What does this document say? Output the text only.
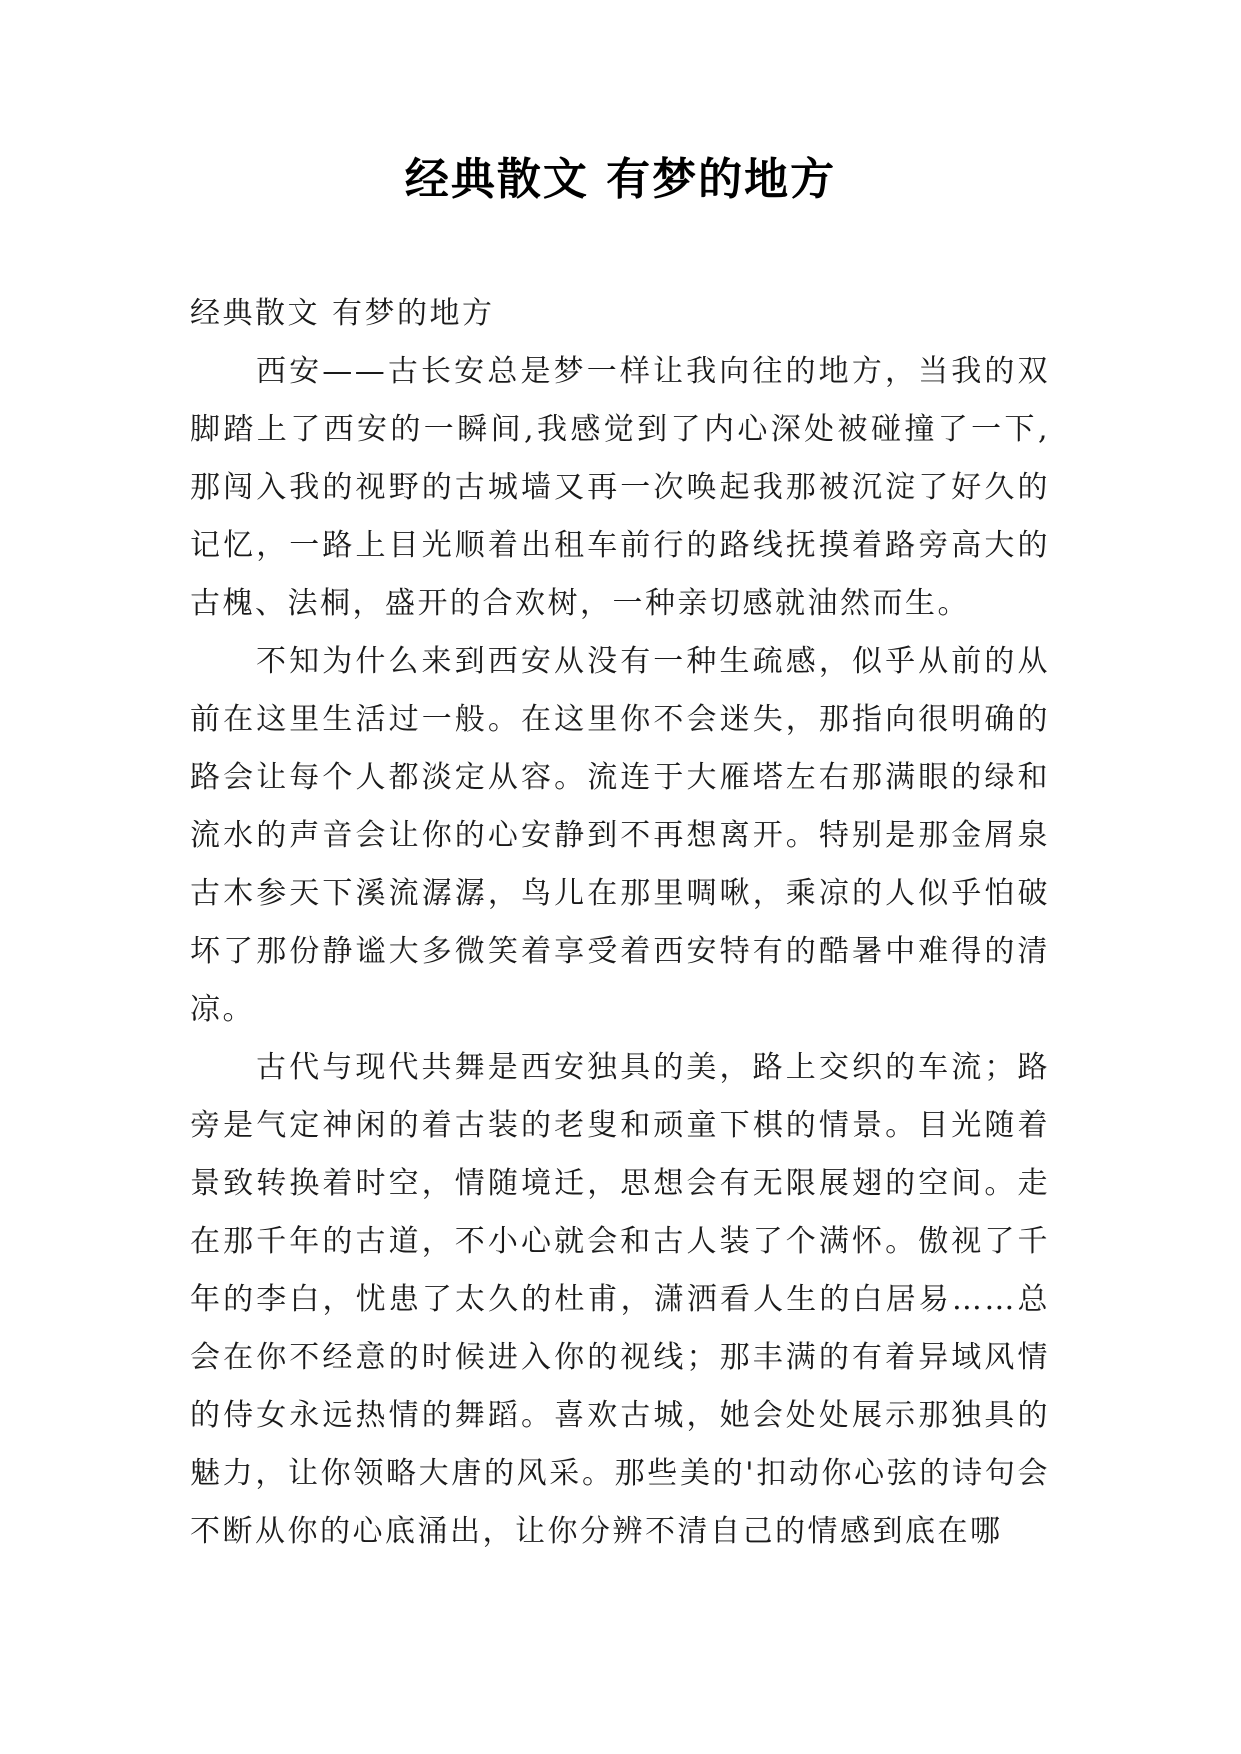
经典散文 有梦的地方

经典散文 有梦的地方

西安——古长安总是梦一样让我向往的地方，当我的双脚踏上了西安的一瞬间,我感觉到了内心深处被碰撞了一下,那闯入我的视野的古城墙又再一次唤起我那被沉淀了好久的记忆，一路上目光顺着出租车前行的路线抚摸着路旁高大的古槐、法桐，盛开的合欢树，一种亲切感就油然而生。

不知为什么来到西安从没有一种生疏感，似乎从前的从前在这里生活过一般。在这里你不会迷失，那指向很明确的路会让每个人都淡定从容。流连于大雁塔左右那满眼的绿和流水的声音会让你的心安静到不再想离开。特别是那金屑泉古木参天下溪流潺潺，鸟儿在那里啁啾，乘凉的人似乎怕破坏了那份静谧大多微笑着享受着西安特有的酷暑中难得的清凉。

古代与现代共舞是西安独具的美，路上交织的车流；路旁是气定神闲的着古装的老叟和顽童下棋的情景。目光随着景致转换着时空，情随境迁，思想会有无限展翅的空间。走在那千年的古道，不小心就会和古人装了个满怀。傲视了千年的李白，忧患了太久的杜甫，潇洒看人生的白居易……总会在你不经意的时候进入你的视线；那丰满的有着异域风情的侍女永远热情的舞蹈。喜欢古城，她会处处展示那独具的魅力，让你领略大唐的风采。那些美的'扣动你心弦的诗句会不断从你的心底涌出，让你分辨不清自己的情感到底在哪
